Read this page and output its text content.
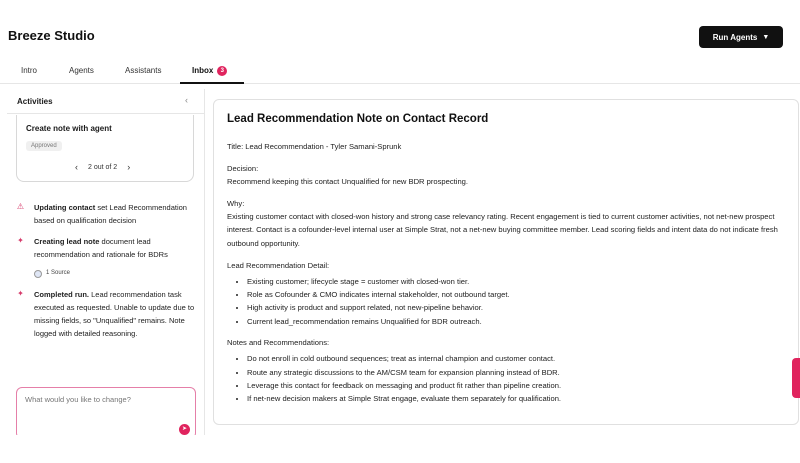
Breeze Studio	Run Agents ▼
Intro	Agents	Assistants	Inbox 3
Activities	‹
Create note with agent
Approved
‹ 2 out of 2 ›
⚠ Updating contact set Lead Recommendation based on qualification decision
✦ Creating lead note document lead recommendation and rationale for BDRs
1 Source
✦ Completed run. Lead recommendation task executed as requested. Unable to update due to missing fields, so "Unqualified" remains. Note logged with detailed reasoning.
What would you like to change?
➤
Lead Recommendation Note on Contact Record

Title: Lead Recommendation - Tyler Samani-Sprunk

Decision:
Recommend keeping this contact Unqualified for new BDR prospecting.

Why:
Existing customer contact with closed-won history and strong case relevancy rating. Recent engagement is tied to current customer activities, not net-new prospect interest. Contact is a cofounder-level internal user at Simple Strat, not a net-new buying committee member. Lead scoring fields and intent data do not indicate fresh outbound opportunity.

Lead Recommendation Detail:
• Existing customer; lifecycle stage = customer with closed-won tier.
• Role as Cofounder & CMO indicates internal stakeholder, not outbound target.
• High activity is product and support related, not new-pipeline behavior.
• Current lead_recommendation remains Unqualified for BDR outreach.
Notes and Recommendations:
• Do not enroll in cold outbound sequences; treat as internal champion and customer contact.
• Route any strategic discussions to the AM/CSM team for expansion planning instead of BDR.
• Leverage this contact for feedback on messaging and product fit rather than pipeline creation.
• If net-new decision makers at Simple Strat engage, evaluate them separately for qualification.
